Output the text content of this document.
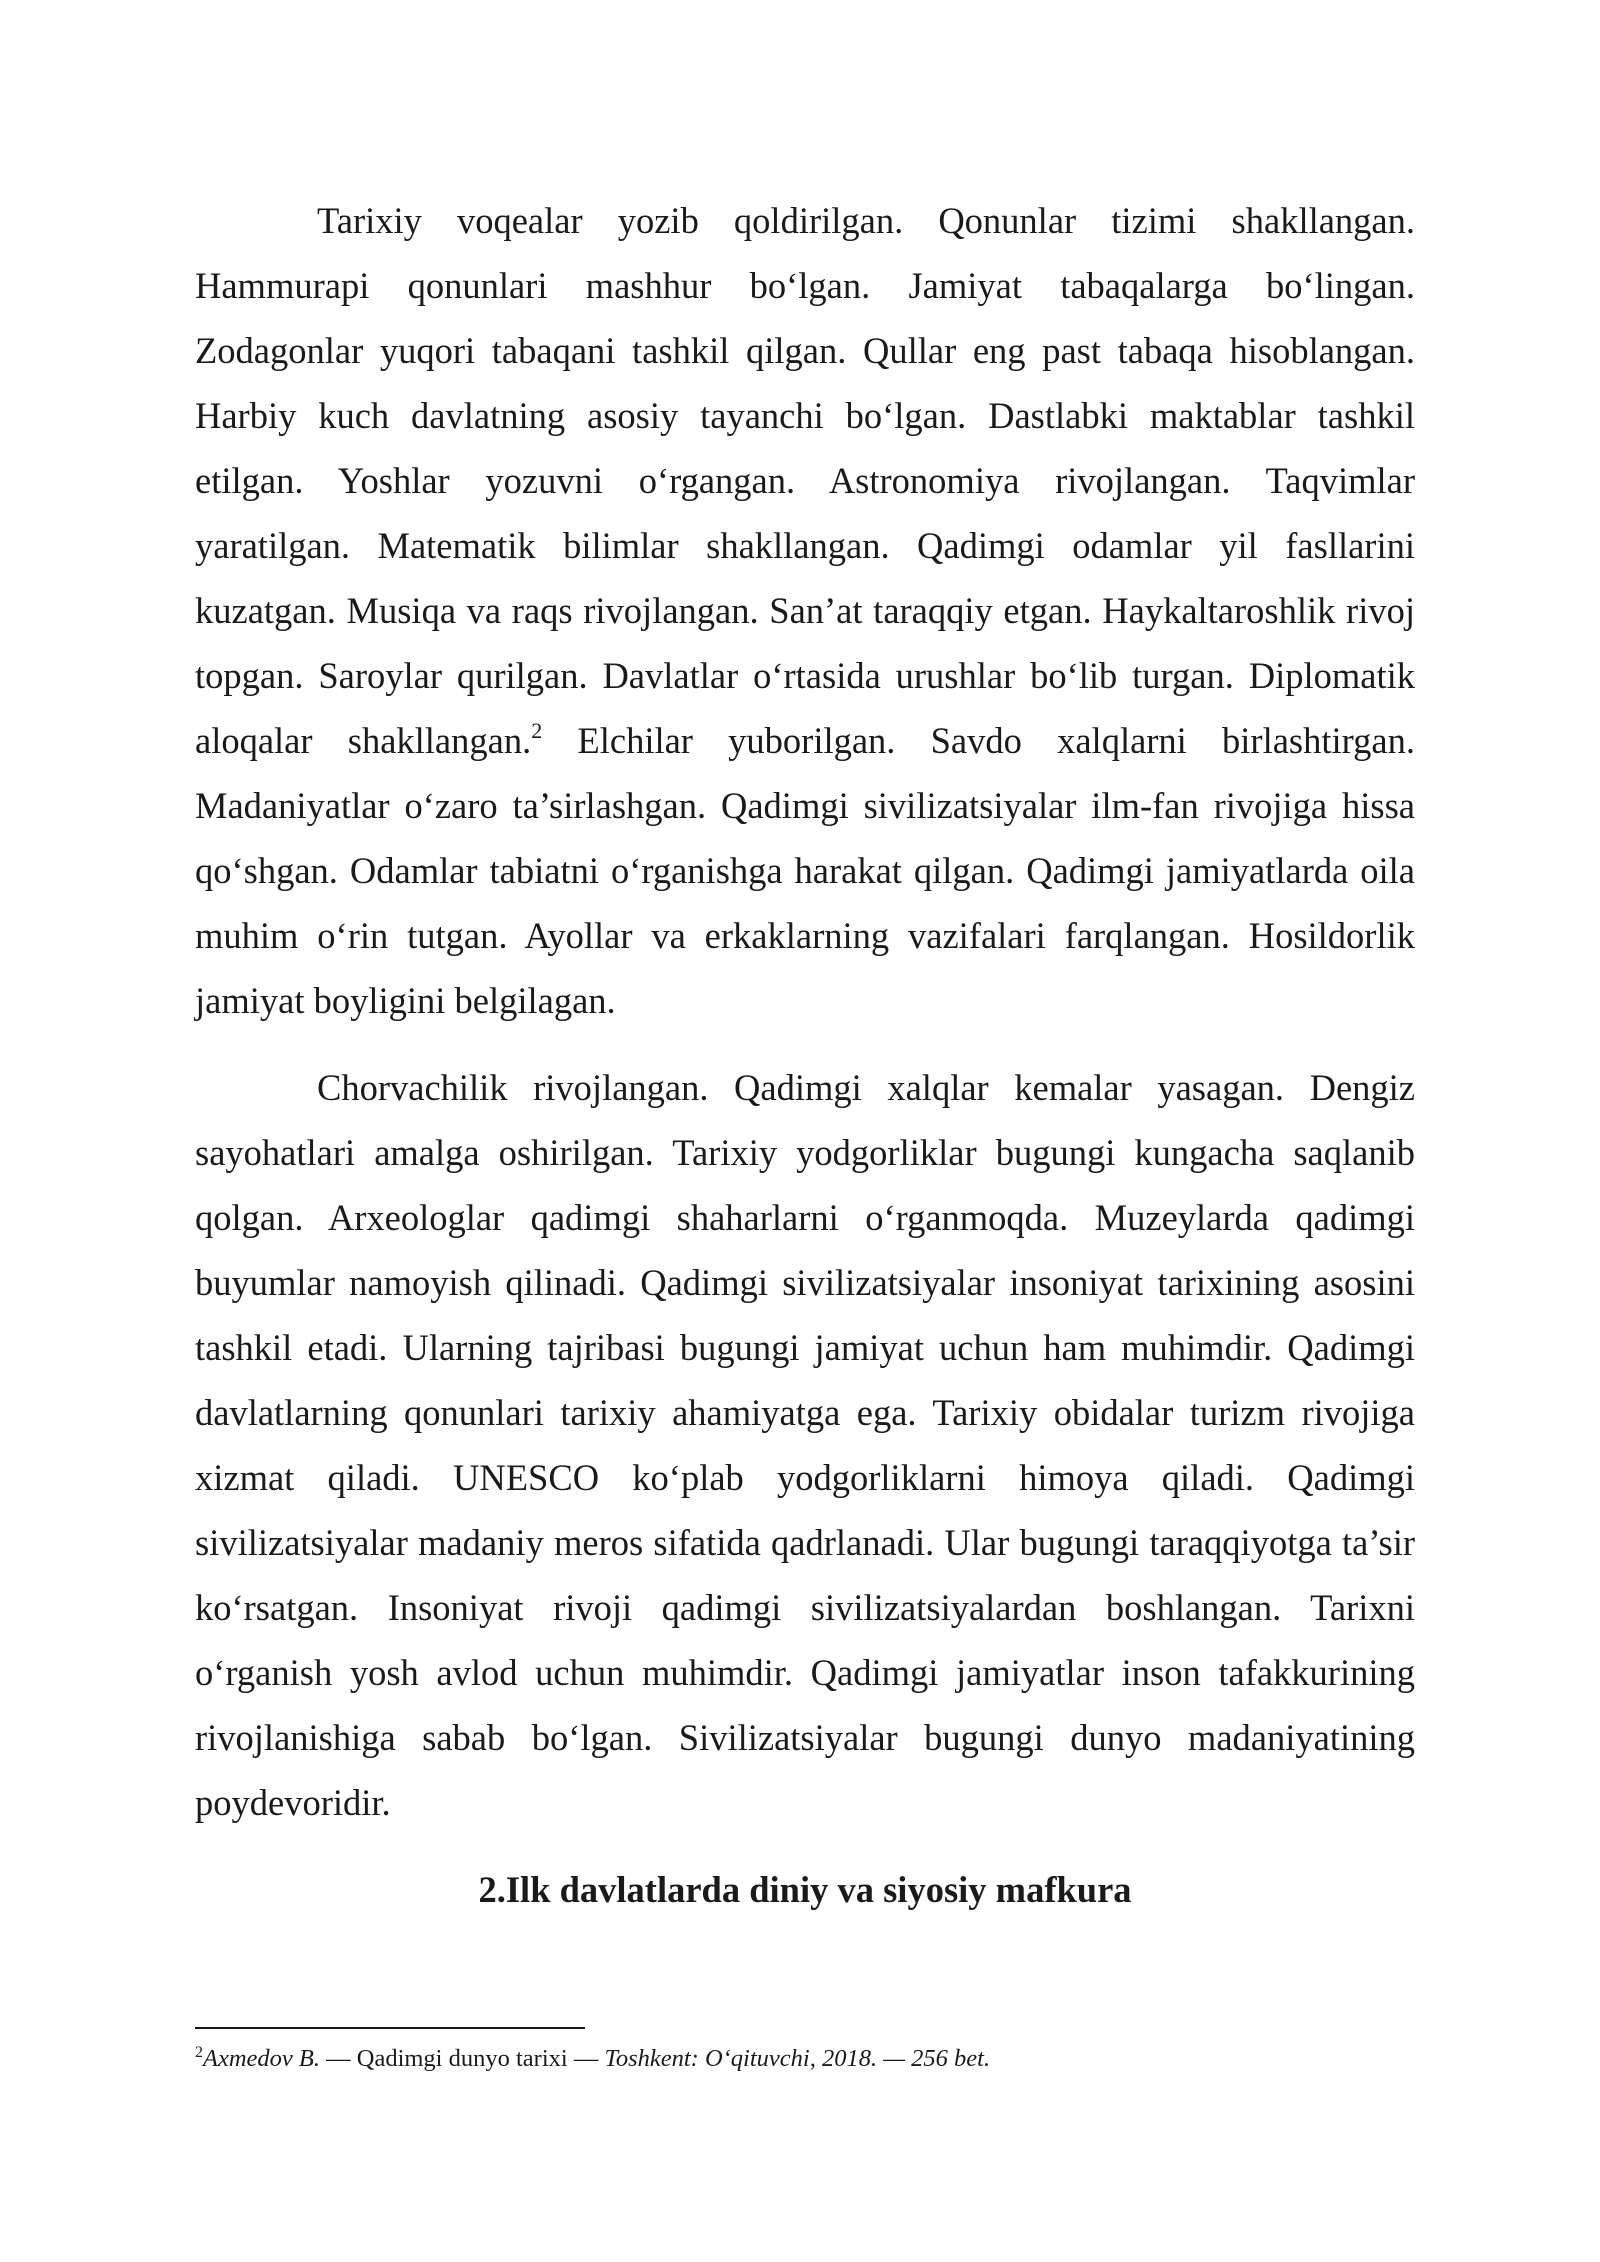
Tarixiy voqealar yozib qoldirilgan. Qonunlar tizimi shakllangan. Hammurapi qonunlari mashhur bo‘lgan. Jamiyat tabaqalarga bo‘lingan. Zodagonlar yuqori tabaqani tashkil qilgan. Qullar eng past tabaqa hisoblangan. Harbiy kuch davlatning asosiy tayanchi bo‘lgan. Dastlabki maktablar tashkil etilgan. Yoshlar yozuvni o‘rgangan. Astronomiya rivojlangan. Taqvimlar yaratilgan. Matematik bilimlar shakllangan. Qadimgi odamlar yil fasllarini kuzatgan. Musiqa va raqs rivojlangan. San’at taraqqiy etgan. Haykaltaroshlik rivoj topgan. Saroylar qurilgan. Davlatlar o‘rtasida urushlar bo‘lib turgan. Diplomatik aloqalar shakllangan.$^2$ Elchilar yuborilgan. Savdo xalqlarni birlashtirgan. Madaniyatlar o‘zaro ta’sirlashgan. Qadimgi sivilizatsiyalar ilm-fan rivojiga hissa qo‘shgan. Odamlar tabiatni o‘rganishga harakat qilgan. Qadimgi jamiyatlarda oila muhim o‘rin tutgan. Ayollar va erkaklarning vazifalari farqlangan. Hosildorlik jamiyat boyligini belgilagan.

Chorvachilik rivojlangan. Qadimgi xalqlar kemalar yasagan. Dengiz sayohatlari amalga oshirilgan. Tarixiy yodgorliklar bugungi kungacha saqlanib qolgan. Arxeologlar qadimgi shaharlarni o‘rganmoqda. Muzeylarda qadimgi buyumlar namoyish qilinadi. Qadimgi sivilizatsiyalar insoniyat tarixining asosini tashkil etadi. Ularning tajribasi bugungi jamiyat uchun ham muhimdir. Qadimgi davlatlarning qonunlari tarixiy ahamiyatga ega. Tarixiy obidalar turizm rivojiga xizmat qiladi. UNESCO ko‘plab yodgorliklarni himoya qiladi. Qadimgi sivilizatsiyalar madaniy meros sifatida qadrlanadi. Ular bugungi taraqqiyotga ta’sir ko‘rsatgan. Insoniyat rivoji qadimgi sivilizatsiyalardan boshlangan. Tarixni o‘rganish yosh avlod uchun muhimdir. Qadimgi jamiyatlar inson tafakkurining rivojlanishiga sabab bo‘lgan. Sivilizatsiyalar bugungi dunyo madaniyatining poydevoridir.

2.Ilk davlatlarda diniy va siyosiy mafkura

$^2$Axmedov B. — Qadimgi dunyo tarixi — Toshkent: O‘qituvchi, 2018. — 256 bet.
